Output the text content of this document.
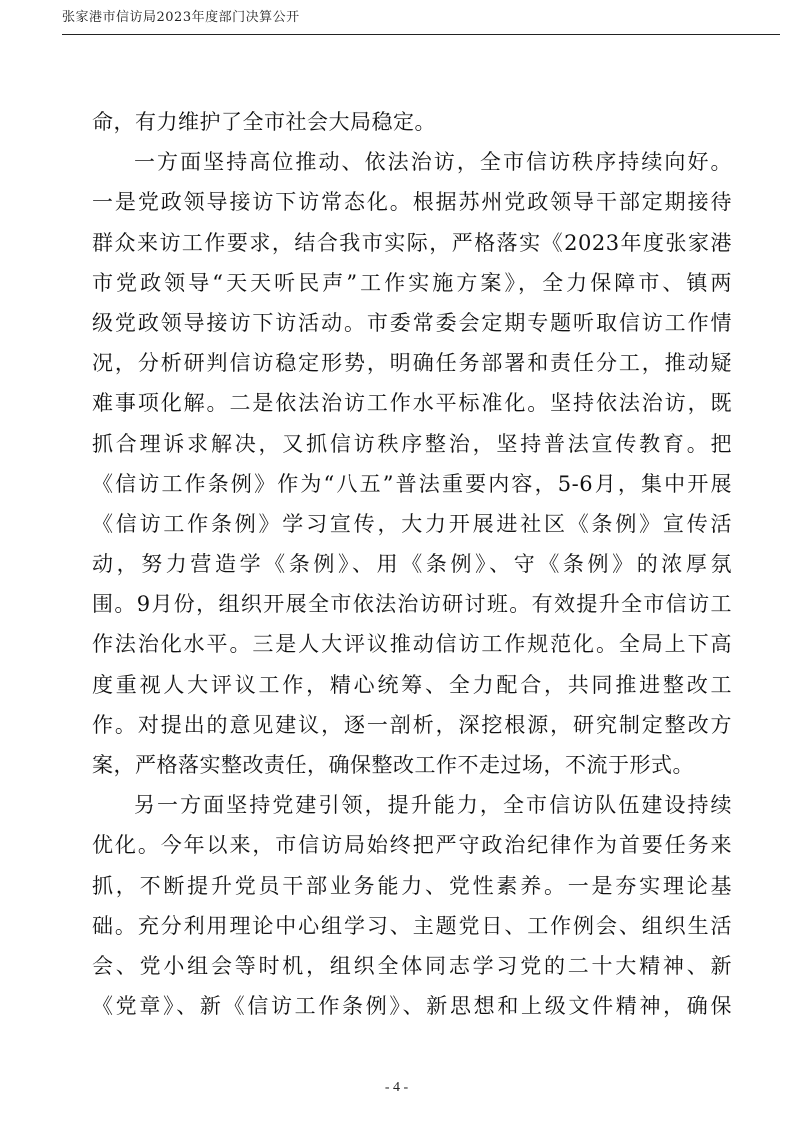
张家港市信访局2023年度部门决算公开
命，有力维护了全市社会大局稳定。
一方面坚持高位推动、依法治访，全市信访秩序持续向好。
一是党政领导接访下访常态化。根据苏州党政领导干部定期接待
群众来访工作要求，结合我市实际，严格落实《2023年度张家港
市党政领导“天天听民声”工作实施方案》，全力保障市、镇两
级党政领导接访下访活动。市委常委会定期专题听取信访工作情
况，分析研判信访稳定形势，明确任务部署和责任分工，推动疑
难事项化解。二是依法治访工作水平标准化。坚持依法治访，既
抓合理诉求解决，又抓信访秩序整治，坚持普法宣传教育。把
《信访工作条例》作为“八五”普法重要内容，5-6月，集中开展
《信访工作条例》学习宣传，大力开展进社区《条例》宣传活
动，努力营造学《条例》、用《条例》、守《条例》的浓厚氛
围。9月份，组织开展全市依法治访研讨班。有效提升全市信访工
作法治化水平。三是人大评议推动信访工作规范化。全局上下高
度重视人大评议工作，精心统筹、全力配合，共同推进整改工
作。对提出的意见建议，逐一剖析，深挖根源，研究制定整改方
案，严格落实整改责任，确保整改工作不走过场，不流于形式。
另一方面坚持党建引领，提升能力，全市信访队伍建设持续
优化。今年以来，市信访局始终把严守政治纪律作为首要任务来
抓，不断提升党员干部业务能力、党性素养。一是夯实理论基
础。充分利用理论中心组学习、主题党日、工作例会、组织生活
会、党小组会等时机，组织全体同志学习党的二十大精神、新
《党章》、新《信访工作条例》、新思想和上级文件精神，确保
- 4 -
